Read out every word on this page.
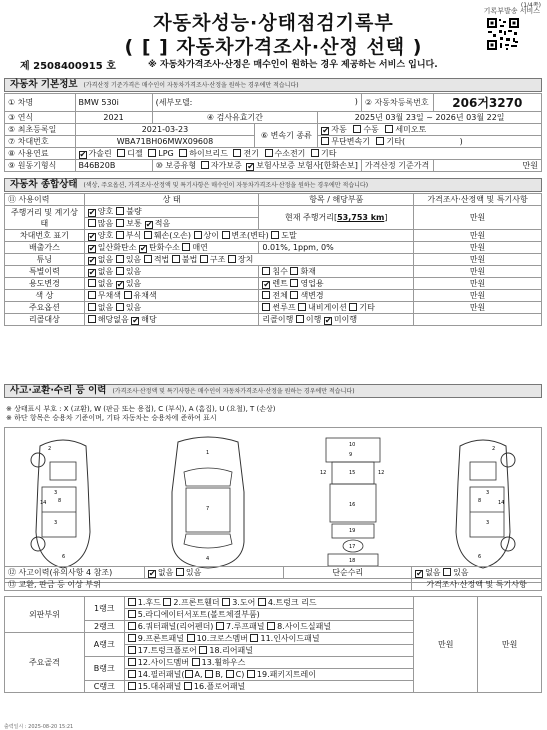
(1/4쪽)
기록부발송 서비스
자동차성능·상태점검기록부
( [ ] 자동차가격조사·산정 선택 )
제 2508400915 호	※ 자동차가격조사·산정은 매수인이 원하는 경우 제공하는 서비스 입니다.
자동차 기본정보 (가격산정 기준가격은 매수인이 자동차가격조사·산정을 원하는 경우에만 적습니다)
① 차명	BMW 530i	(세부모델: )			② 자동차등록번호	206거3270
③ 연식	2021	④ 검사유효기간		2025년 03월 23일 ~ 2026년 03월 22일		
⑤ 최초등록일	2021-03-23		⑥ 변속기 종류	✔ 자동 수동 세미오토		
⑦ 차대번호	WBA71BH06MWX09608			무단변속기 기타( )		
⑧ 사용연료	✔ 가솔린 디젤 LPG 하이브리드 전기 수소전기 기타					
⑨ 원동기형식	B46B20B	⑩ 보증유형 자가보증 ✔ 보험사보증 보험사[한화손보]			가격산정 기준가격	만원
자동차 종합상태 (색상, 주요옵션, 가격조사·산정액 및 특기사항은 매수인이 자동차가격조사·산정을 원하는 경우에만 적습니다)
⑪ 사용이력	상 태	항목 / 해당부품	가격조사·산정액 및 특기사항
주행거리 및 계기상태	✔ 양호 불량	현재 주행거리[53,753 km]	만원
	많음 보통 ✔ 적음		
차대번호 표기	✔ 양호 부식 훼손(오손) 상이 변조(변타) 도말		만원
배출가스	✔ 일산화탄소 ✔ 탄화수소 매연	0.01%, 1ppm, 0%	만원
튜닝	✔ 없음 있음 적법 불법 구조 장치		만원
특별이력	✔ 없음 있음	침수 화재	만원
용도변경	없음 ✔ 있음	✔ 렌트 영업용	만원
색 상	무채색 유채색	전체 색변경	만원
주요옵션	없음 있음	썬루프 내비게이션 기타	만원
리콜대상	해당없음 ✔ 해당	리콜이행 이행 ✔ 미이행	
사고·교환·수리 등 이력 (가격조사·산정액 및 특기사항은 매수인이 자동차가격조사·산정을 원하는 경우에만 적습니다)
※ 상태표시 부호 : X (교환), W (판금 또는 용접), C (부식), A (흠집), U (요철), T (손상)
※ 하단 항목은 승용차 기준이며, 기타 자동차는 승용차에 준하여 표시
2
3
3
8
14
6
1
7
4
10
9
15
16
19
17
18
12	12
2
3
3
8	14
6
⑫ 사고이력(유의사항 4 참조)	✔ 없음 있음	단순수리	✔ 없음 있음
⑬ 교환, 판금 등 이상 부위			가격조사·산정액 및 특기사항
외판부위	1랭크	1.후드 2.프론트휀더 3.도어 4.트렁크 리드	만원	만원
		5.라디에이터서포트(볼트체결부품)		
	2랭크	6.쿼터패널(리어펜더) 7.루프패널 8.사이드실패널		
주요골격	A랭크	9.프론트패널 10.크로스멤버 11.인사이드패널		
		17.트렁크플로어 18.리어패널		
	B랭크	12.사이드멤버 13.휠하우스		
		14.필러패널( A, B, C) 19.패키지트레이		
	C랭크	15.대쉬패널 16.플로어패널		
출력일시 : 2025-08-20 15:21
